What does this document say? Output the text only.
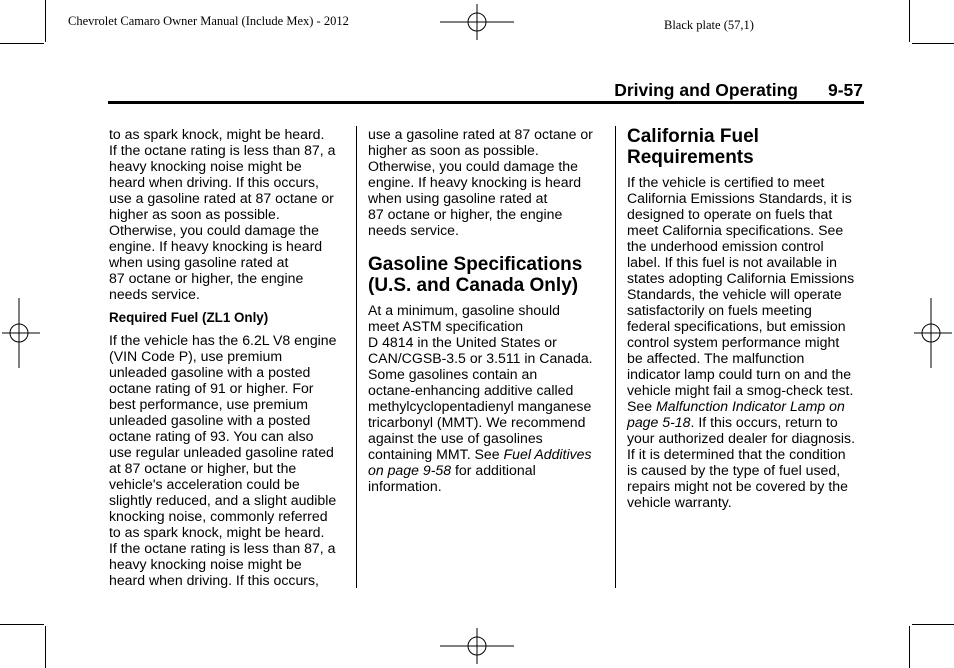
Chevrolet Camaro Owner Manual (Include Mex) - 2012	Black plate (57,1)
Driving and Operating 9-57

to as spark knock, might be heard.
If the octane rating is less than 87, a
heavy knocking noise might be
heard when driving. If this occurs,
use a gasoline rated at 87 octane or
higher as soon as possible.
Otherwise, you could damage the
engine. If heavy knocking is heard
when using gasoline rated at
87 octane or higher, the engine
needs service.

Required Fuel (ZL1 Only)

If the vehicle has the 6.2L V8 engine
(VIN Code P), use premium
unleaded gasoline with a posted
octane rating of 91 or higher. For
best performance, use premium
unleaded gasoline with a posted
octane rating of 93. You can also
use regular unleaded gasoline rated
at 87 octane or higher, but the
vehicle's acceleration could be
slightly reduced, and a slight audible
knocking noise, commonly referred
to as spark knock, might be heard.
If the octane rating is less than 87, a
heavy knocking noise might be
heard when driving. If this occurs,

use a gasoline rated at 87 octane or
higher as soon as possible.
Otherwise, you could damage the
engine. If heavy knocking is heard
when using gasoline rated at
87 octane or higher, the engine
needs service.

Gasoline Specifications
(U.S. and Canada Only)

At a minimum, gasoline should
meet ASTM specification
D 4814 in the United States or
CAN/CGSB-3.5 or 3.511 in Canada.
Some gasolines contain an
octane-enhancing additive called
methylcyclopentadienyl manganese
tricarbonyl (MMT). We recommend
against the use of gasolines
containing MMT. See Fuel Additives
on page 9-58 for additional
information.

California Fuel
Requirements

If the vehicle is certified to meet
California Emissions Standards, it is
designed to operate on fuels that
meet California specifications. See
the underhood emission control
label. If this fuel is not available in
states adopting California Emissions
Standards, the vehicle will operate
satisfactorily on fuels meeting
federal specifications, but emission
control system performance might
be affected. The malfunction
indicator lamp could turn on and the
vehicle might fail a smog-check test.
See Malfunction Indicator Lamp on
page 5-18. If this occurs, return to
your authorized dealer for diagnosis.
If it is determined that the condition
is caused by the type of fuel used,
repairs might not be covered by the
vehicle warranty.
